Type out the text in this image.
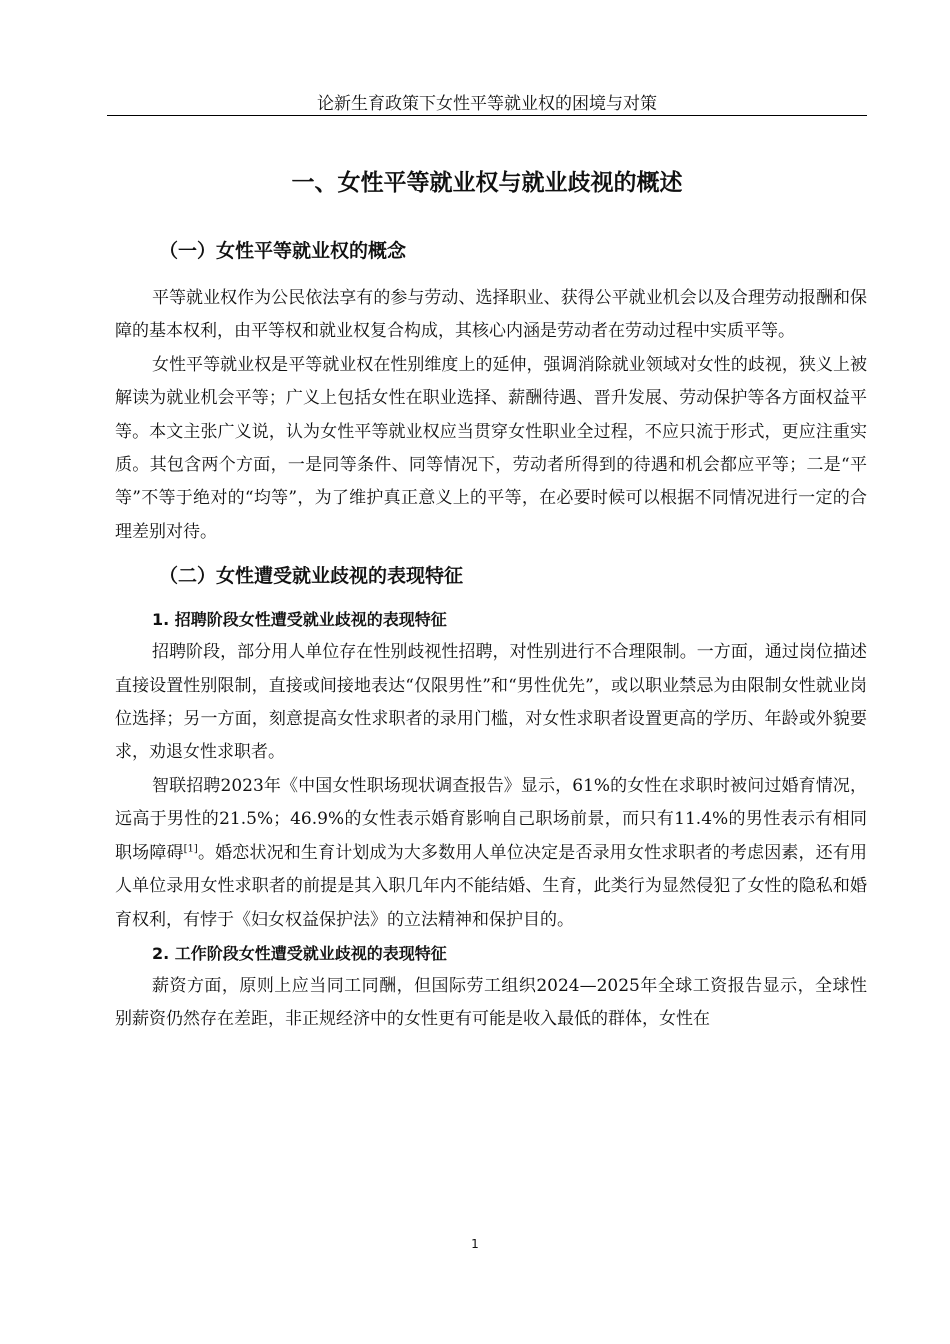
论新生育政策下女性平等就业权的困境与对策
一、女性平等就业权与就业歧视的概述
（一）女性平等就业权的概念

平等就业权作为公民依法享有的参与劳动、选择职业、获得公平就业机会以及合理劳动报酬和保障的基本权利，由平等权和就业权复合构成，其核心内涵是劳动者在劳动过程中实质平等。

女性平等就业权是平等就业权在性别维度上的延伸，强调消除就业领域对女性的歧视，狭义上被解读为就业机会平等；广义上包括女性在职业选择、薪酬待遇、晋升发展、劳动保护等各方面权益平等。本文主张广义说，认为女性平等就业权应当贯穿女性职业全过程，不应只流于形式，更应注重实质。其包含两个方面，一是同等条件、同等情况下，劳动者所得到的待遇和机会都应平等；二是“平等”不等于绝对的“均等”，为了维护真正意义上的平等，在必要时候可以根据不同情况进行一定的合理差别对待。

（二）女性遭受就业歧视的表现特征
1. 招聘阶段女性遭受就业歧视的表现特征

招聘阶段，部分用人单位存在性别歧视性招聘，对性别进行不合理限制。一方面，通过岗位描述直接设置性别限制，直接或间接地表达“仅限男性”和“男性优先”，或以职业禁忌为由限制女性就业岗位选择；另一方面，刻意提高女性求职者的录用门槛，对女性求职者设置更高的学历、年龄或外貌要求，劝退女性求职者。

智联招聘2023年《中国女性职场现状调查报告》显示，61%的女性在求职时被问过婚育情况，远高于男性的21.5%；46.9%的女性表示婚育影响自己职场前景，而只有11.4%的男性表示有相同职场障碍[1]。婚恋状况和生育计划成为大多数用人单位决定是否录用女性求职者的考虑因素，还有用人单位录用女性求职者的前提是其入职几年内不能结婚、生育，此类行为显然侵犯了女性的隐私和婚育权利，有悖于《妇女权益保护法》的立法精神和保护目的。

2. 工作阶段女性遭受就业歧视的表现特征

薪资方面，原则上应当同工同酬，但国际劳工组织2024—2025年全球工资报告显示，全球性别薪资仍然存在差距，非正规经济中的女性更有可能是收入最低的群体，女性在

1
